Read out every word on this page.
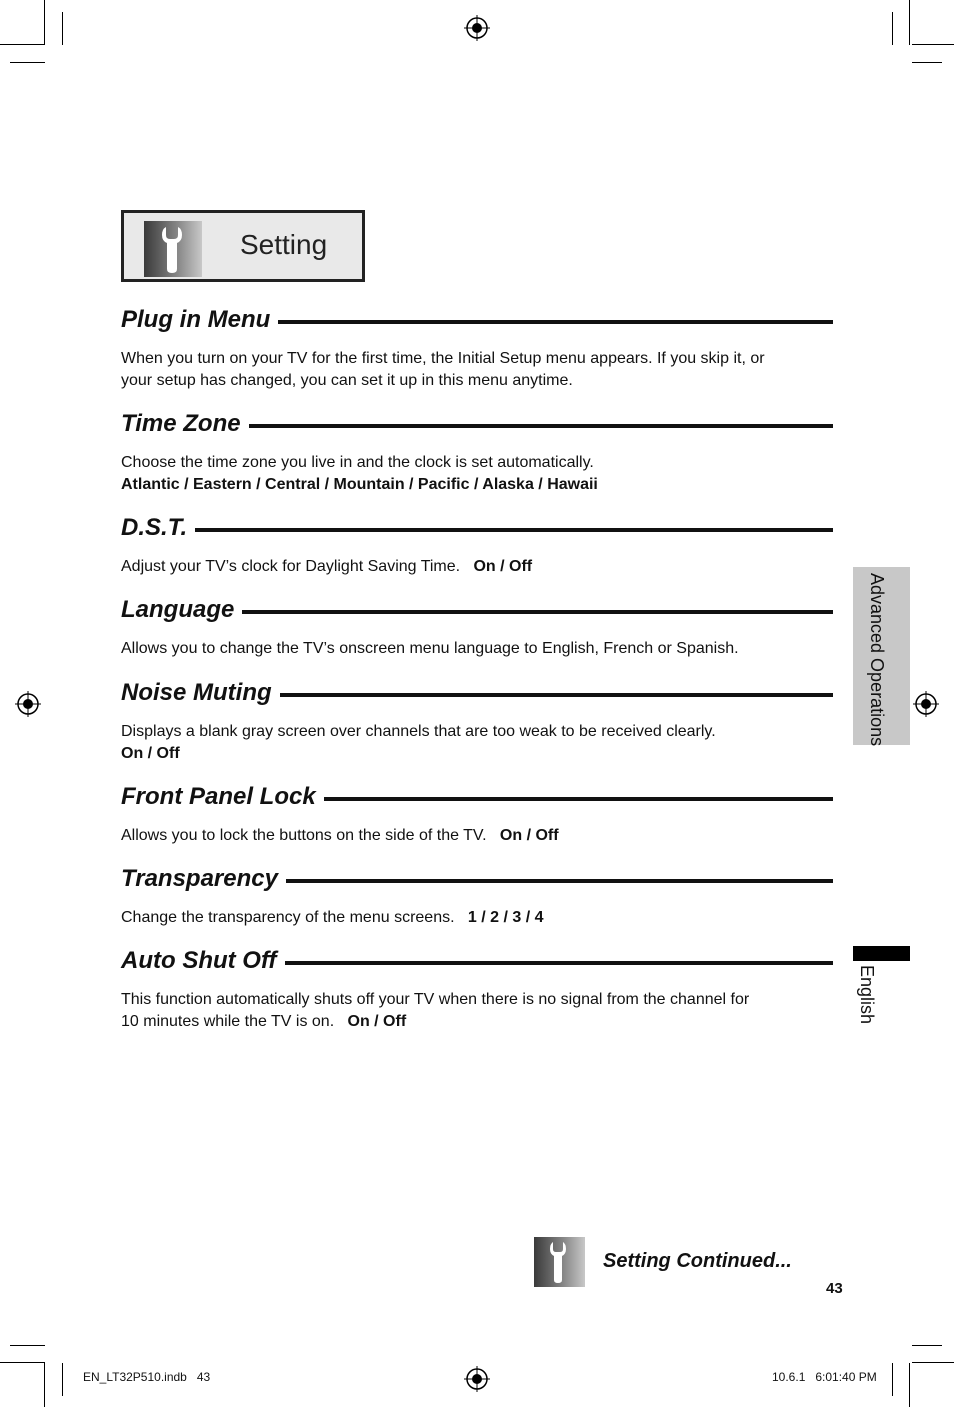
Setting
Plug in Menu
When you turn on your TV for the first time, the Initial Setup menu appears. If you skip it, or
your setup has changed, you can set it up in this menu anytime.
Time Zone
Choose the time zone you live in and the clock is set automatically.
Atlantic / Eastern / Central / Mountain / Pacific / Alaska / Hawaii
D.S.T.
Adjust your TV’s clock for Daylight Saving Time. On / Off
Language
Allows you to change the TV’s onscreen menu language to English, French or Spanish.
Noise Muting
Displays a blank gray screen over channels that are too weak to be received clearly.
On / Off
Front Panel Lock
Allows you to lock the buttons on the side of the TV. On / Off
Transparency
Change the transparency of the menu screens. 1 / 2 / 3 / 4
Auto Shut Off
This function automatically shuts off your TV when there is no signal from the channel for
10 minutes while the TV is on. On / Off
Advanced Operations
English
Setting Continued...
43
EN_LT32P510.indb   43	10.6.1   6:01:40 PM
